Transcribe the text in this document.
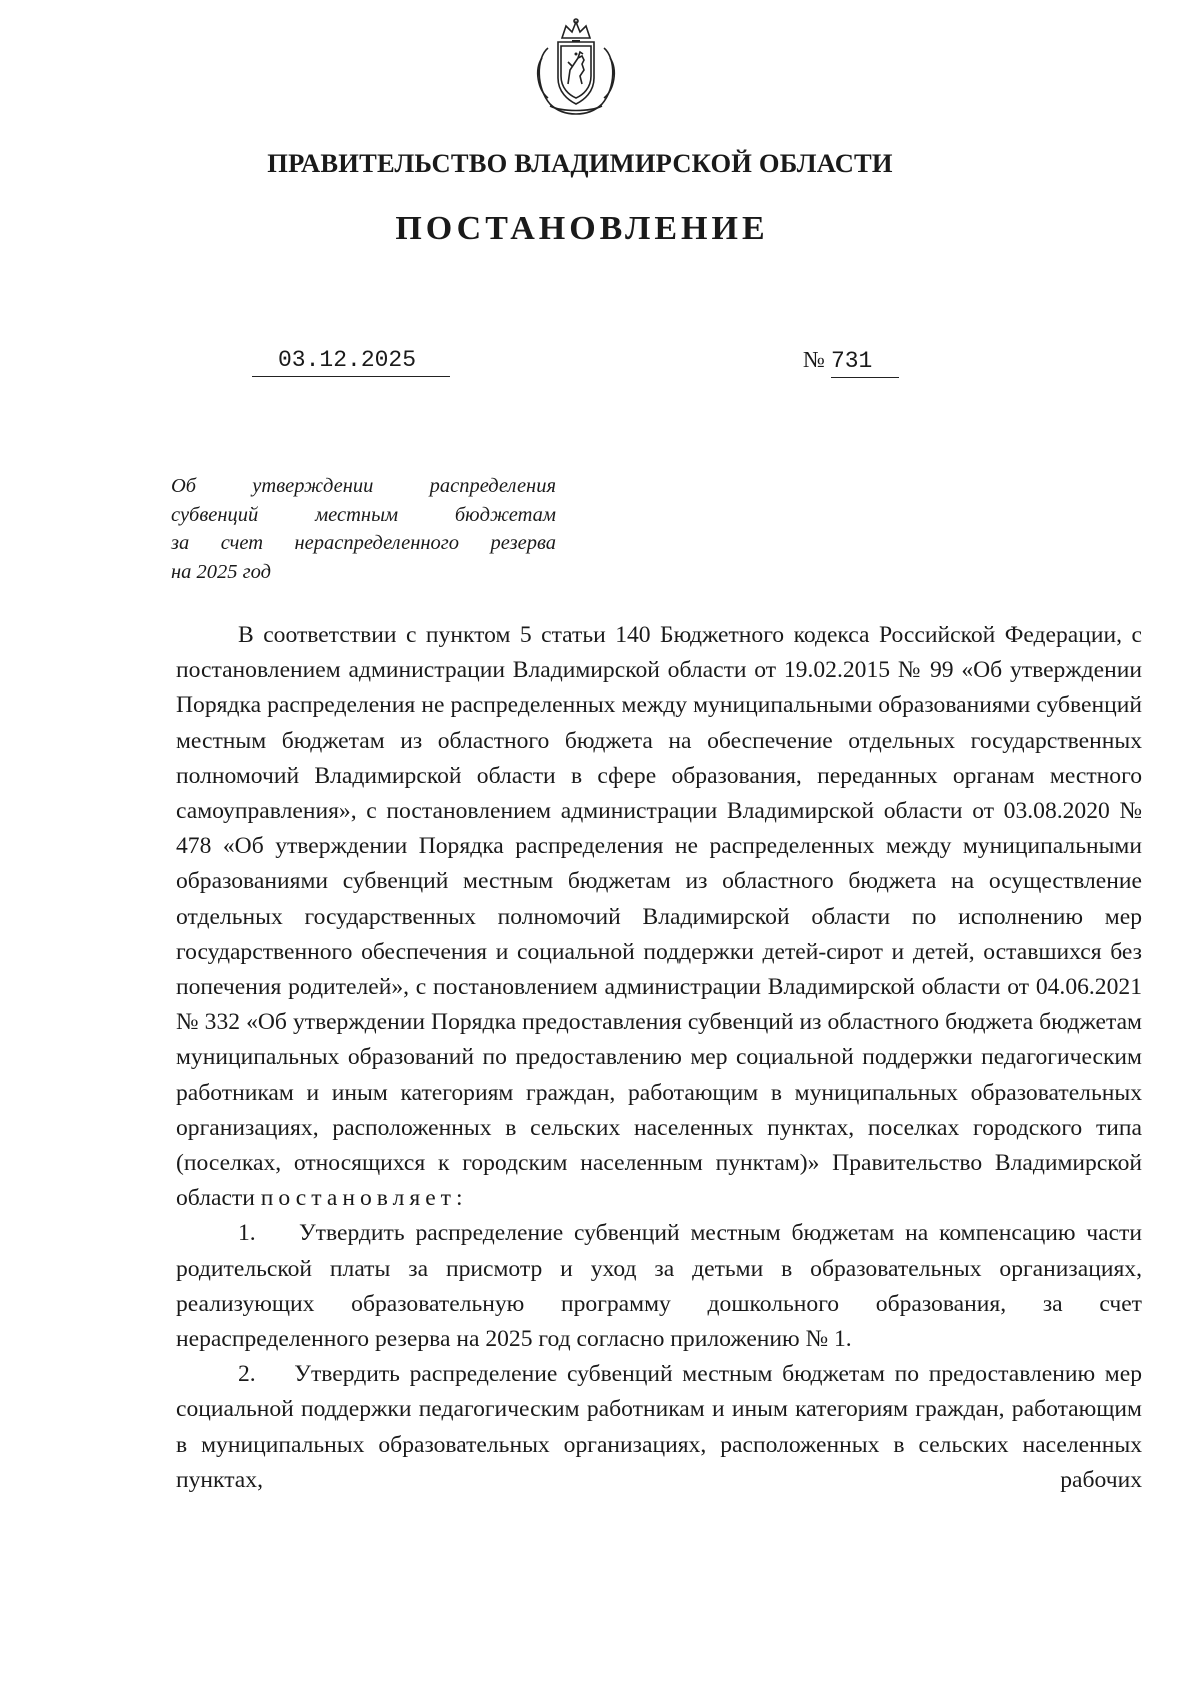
ПРАВИТЕЛЬСТВО ВЛАДИМИРСКОЙ ОБЛАСТИ
ПОСТАНОВЛЕНИЕ
03.12.2025	№ 731
Об утверждении распределения
субвенций местным бюджетам
за счет нераспределенного резерва
на 2025 год

В соответствии с пунктом 5 статьи 140 Бюджетного кодекса Российской Федерации, с постановлением администрации Владимирской области от 19.02.2015 № 99 «Об утверждении Порядка распределения не распределенных между муниципальными образованиями субвенций местным бюджетам из областного бюджета на обеспечение отдельных государственных полномочий Владимирской области в сфере образования, переданных органам местного самоуправления», с постановлением администрации Владимирской области от 03.08.2020 № 478 «Об утверждении Порядка распределения не распределенных между муниципальными образованиями субвенций местным бюджетам из областного бюджета на осуществление отдельных государственных полномочий Владимирской области по исполнению мер государственного обеспечения и социальной поддержки детей-сирот и детей, оставшихся без попечения родителей», с постановлением администрации Владимирской области от 04.06.2021 № 332 «Об утверждении Порядка предоставления субвенций из областного бюджета бюджетам муниципальных образований по предоставлению мер социальной поддержки педагогическим работникам и иным категориям граждан, работающим в муниципальных образовательных организациях, расположенных в сельских населенных пунктах, поселках городского типа (поселках, относящихся к городским населенным пунктам)» Правительство Владимирской области постановляет:

1. Утвердить распределение субвенций местным бюджетам на компенсацию части родительской платы за присмотр и уход за детьми в образовательных организациях, реализующих образовательную программу дошкольного образования, за счет нераспределенного резерва на 2025 год согласно приложению № 1.

2. Утвердить распределение субвенций местным бюджетам по предоставлению мер социальной поддержки педагогическим работникам и иным категориям граждан, работающим в муниципальных образовательных организациях, расположенных в сельских населенных пунктах, рабочих
